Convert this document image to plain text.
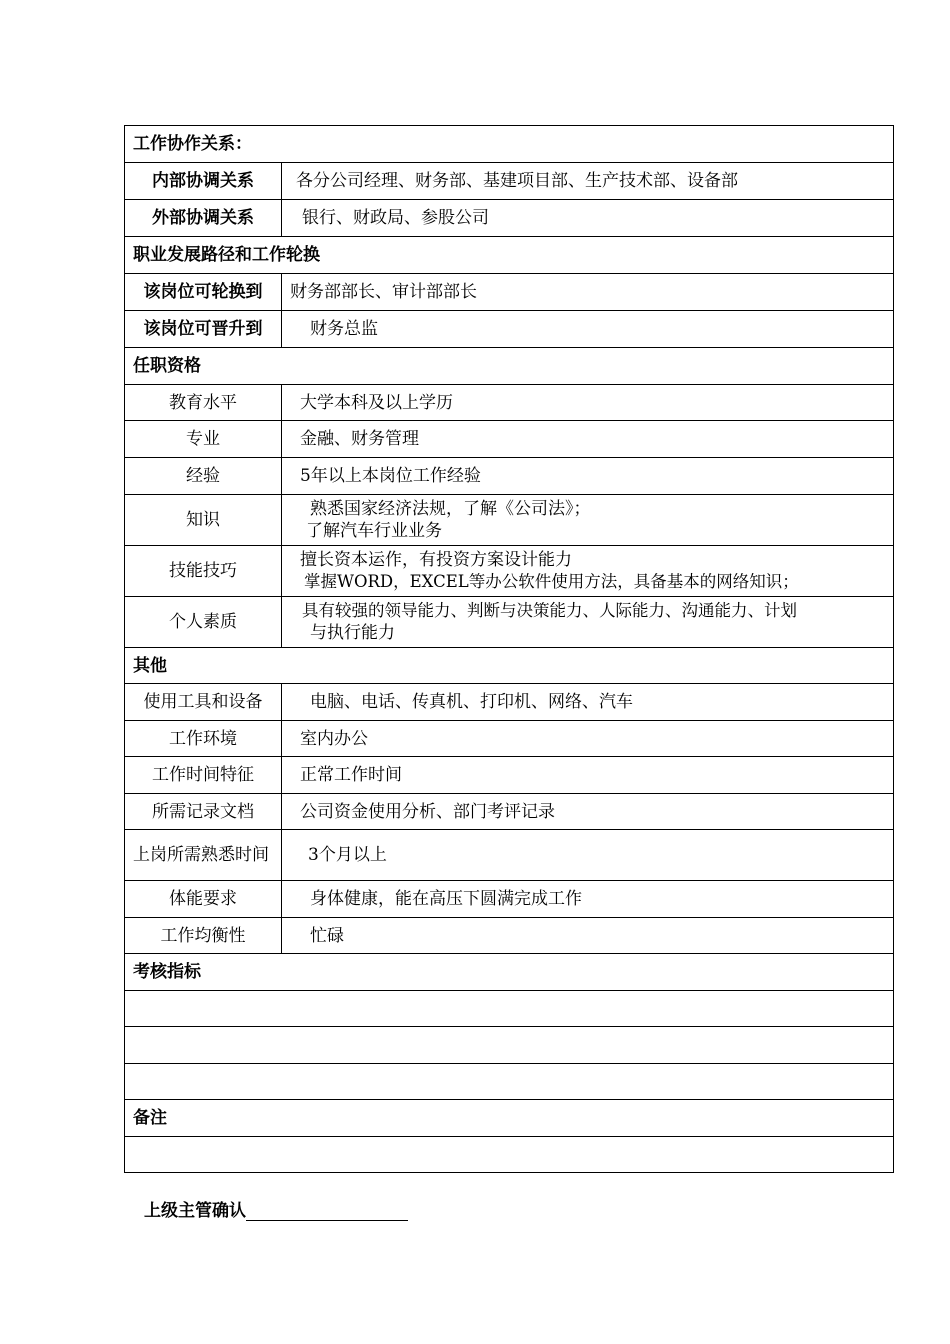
工作协作关系：	
内部协调关系	各分公司经理、财务部、基建项目部、生产技术部、设备部
外部协调关系	银行、财政局、参股公司
职业发展路径和工作轮换	
该岗位可轮换到	财务部部长、审计部部长
该岗位可晋升到	财务总监
任职资格	
教育水平	大学本科及以上学历
专业	金融、财务管理
经验	5年以上本岗位工作经验
知识	熟悉国家经济法规，了解《公司法》；
了解汽车行业业务

技能技巧	擅长资本运作，有投资方案设计能力
掌握WORD，EXCEL等办公软件使用方法，具备基本的网络知识；

个人素质	具有较强的领导能力、判断与决策能力、人际能力、沟通能力、计划
与执行能力

其他	
使用工具和设备	电脑、电话、传真机、打印机、网络、汽车
工作环境	室内办公
工作时间特征	正常工作时间
所需记录文档	公司资金使用分析、部门考评记录
上岗所需熟悉时间	3个月以上
体能要求	身体健康，能在高压下圆满完成工作
工作均衡性	忙碌
考核指标	

备注	

上级主管确认
